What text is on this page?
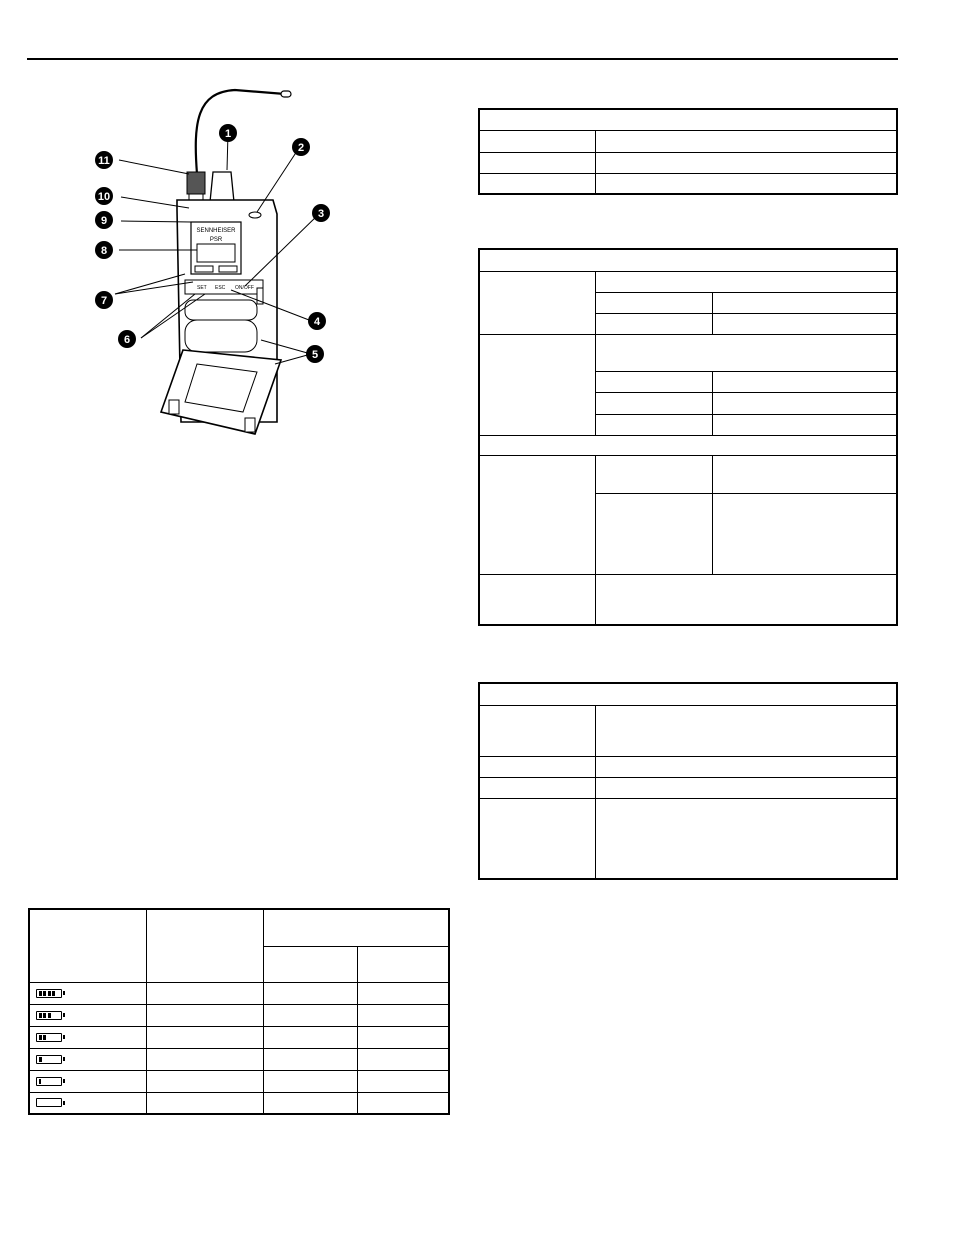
SENNHEISER
PSR
SET ESC ON/OFF
1
2
3
4
5
6
7
8
9
10
11
